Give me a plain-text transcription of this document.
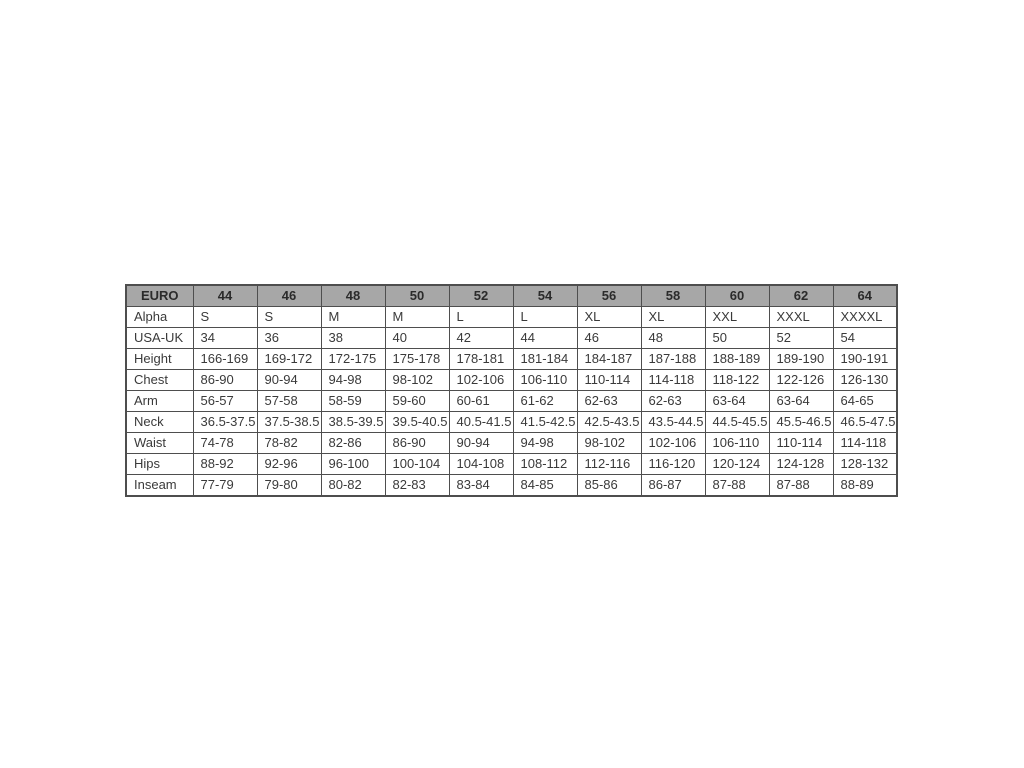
EURO	44	46	48	50	52	54	56	58	60	62	64
Alpha	S	S	M	M	L	L	XL	XL	XXL	XXXL	XXXXL
USA-UK	34	36	38	40	42	44	46	48	50	52	54
Height	166-169	169-172	172-175	175-178	178-181	181-184	184-187	187-188	188-189	189-190	190-191
Chest	86-90	90-94	94-98	98-102	102-106	106-110	110-114	114-118	118-122	122-126	126-130
Arm	56-57	57-58	58-59	59-60	60-61	61-62	62-63	62-63	63-64	63-64	64-65
Neck	36.5-37.5	37.5-38.5	38.5-39.5	39.5-40.5	40.5-41.5	41.5-42.5	42.5-43.5	43.5-44.5	44.5-45.5	45.5-46.5	46.5-47.5
Waist	74-78	78-82	82-86	86-90	90-94	94-98	98-102	102-106	106-110	110-114	114-118
Hips	88-92	92-96	96-100	100-104	104-108	108-112	112-116	116-120	120-124	124-128	128-132
Inseam	77-79	79-80	80-82	82-83	83-84	84-85	85-86	86-87	87-88	87-88	88-89
